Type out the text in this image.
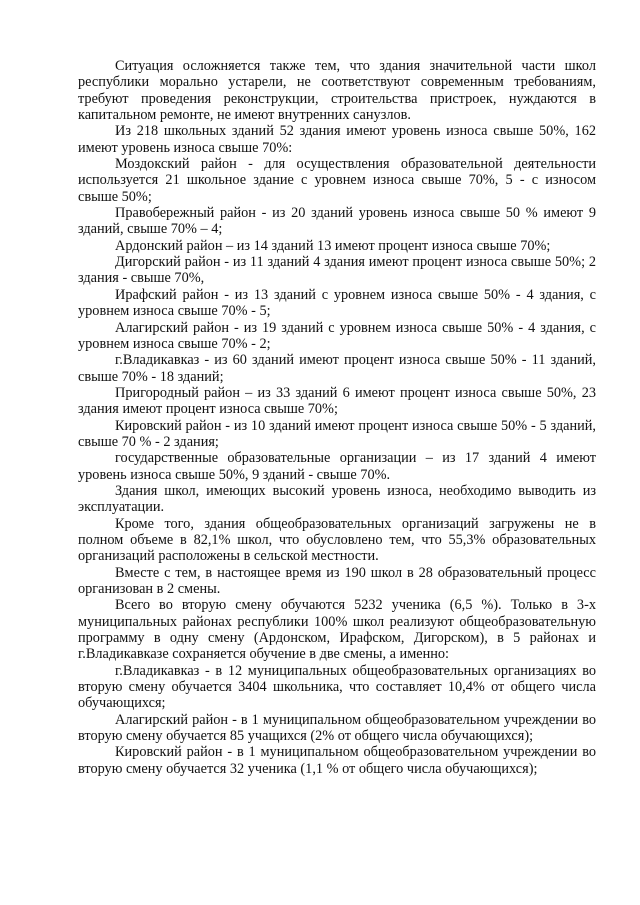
Ситуация осложняется также тем, что здания значительной части школ республики морально устарели, не соответствуют современным требованиям, требуют проведения реконструкции, строительства пристроек, нуждаются в капитальном ремонте, не имеют внутренних санузлов.

Из 218 школьных зданий 52 здания имеют уровень износа свыше 50%, 162 имеют уровень износа свыше 70%:

Моздокский район - для осуществления образовательной деятельности используется 21 школьное здание с уровнем износа свыше 70%, 5 - с износом свыше 50%;

Правобережный район - из 20 зданий уровень износа свыше 50 % имеют 9 зданий, свыше 70% – 4;

Ардонский район – из 14 зданий 13 имеют процент износа свыше 70%;

Дигорский район - из 11 зданий 4 здания имеют процент износа свыше 50%; 2 здания - свыше 70%,

Ирафский район - из 13 зданий с уровнем износа свыше 50% - 4 здания, с уровнем износа свыше 70% - 5;

Алагирский район - из 19 зданий с уровнем износа свыше 50% - 4 здания, с уровнем износа свыше 70% - 2;

г.Владикавказ - из 60 зданий имеют процент износа свыше 50% - 11 зданий, свыше 70% - 18 зданий;

Пригородный район – из 33 зданий 6 имеют процент износа свыше 50%, 23 здания имеют процент износа свыше 70%;

Кировский район - из 10 зданий имеют процент износа свыше 50% - 5 зданий, свыше 70 % - 2 здания;

государственные образовательные организации – из 17 зданий 4 имеют уровень износа свыше 50%, 9 зданий - свыше 70%.

Здания школ, имеющих высокий уровень износа, необходимо выводить из эксплуатации.

Кроме того, здания общеобразовательных организаций загружены не в полном объеме в 82,1% школ, что обусловлено тем, что 55,3% образовательных организаций расположены в сельской местности.

Вместе с тем, в настоящее время из 190 школ в 28 образовательный процесс организован в 2 смены.

Всего во вторую смену обучаются 5232 ученика (6,5 %). Только в 3-х муниципальных районах республики 100% школ реализуют общеобразовательную программу в одну смену (Ардонском, Ирафском, Дигорском), в 5 районах и г.Владикавказе сохраняется обучение в две смены, а именно:

г.Владикавказ - в 12 муниципальных общеобразовательных организациях во вторую смену обучается 3404 школьника, что составляет 10,4% от общего числа обучающихся;

Алагирский район - в 1 муниципальном общеобразовательном учреждении во вторую смену обучается 85 учащихся (2% от общего числа обучающихся);

Кировский район - в 1 муниципальном общеобразовательном учреждении во вторую смену обучается 32 ученика (1,1 % от общего числа обучающихся);
